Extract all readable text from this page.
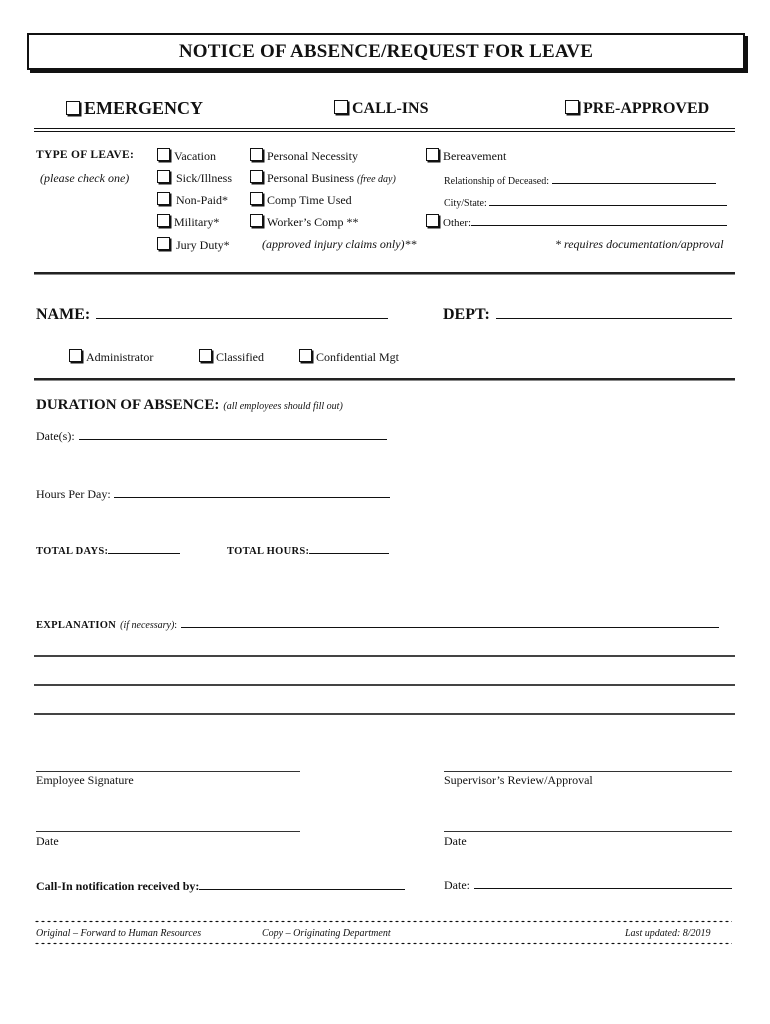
NOTICE OF ABSENCE/REQUEST FOR LEAVE
EMERGENCY	CALL-INS	PRE-APPROVED
TYPE OF LEAVE:
(please check one)
Vacation
Sick/Illness
Non-Paid*
Military*
Jury Duty*
Personal Necessity
Personal Business (free day)
Comp Time Used
Worker’s Comp **
(approved injury claims only)**
Bereavement
Relationship of Deceased:
City/State:
Other:
* requires documentation/approval
NAME:	DEPT:
Administrator	Classified	Confidential Mgt
DURATION OF ABSENCE: (all employees should fill out)
Date(s):
Hours Per Day:
TOTAL DAYS:	TOTAL HOURS:
EXPLANATION (if necessary):
Employee Signature	Supervisor’s Review/Approval
Date	Date
Call-In notification received by:	Date:
Original – Forward to Human Resources	Copy – Originating Department	Last updated: 8/2019
